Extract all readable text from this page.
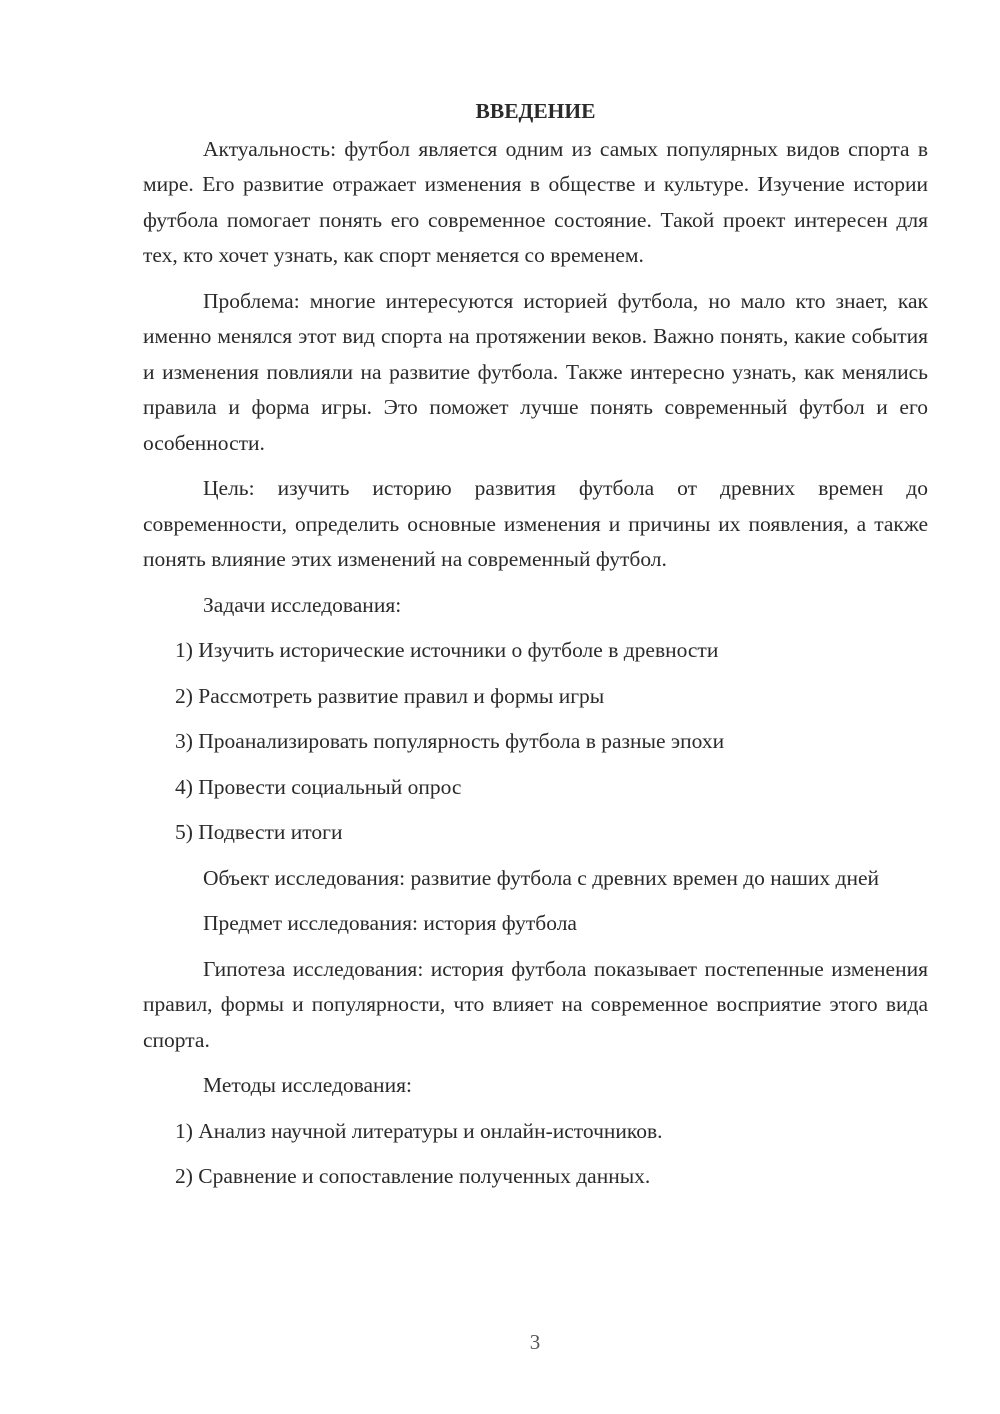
ВВЕДЕНИЕ

Актуальность: футбол является одним из самых популярных видов спорта в мире. Его развитие отражает изменения в обществе и культуре. Изучение истории футбола помогает понять его современное состояние. Такой проект интересен для тех, кто хочет узнать, как спорт меняется со временем.

Проблема: многие интересуются историей футбола, но мало кто знает, как именно менялся этот вид спорта на протяжении веков. Важно понять, какие события и изменения повлияли на развитие футбола. Также интересно узнать, как менялись правила и форма игры. Это поможет лучше понять современный футбол и его особенности.

Цель: изучить историю развития футбола от древних времен до современности, определить основные изменения и причины их появления, а также понять влияние этих изменений на современный футбол.

Задачи исследования:

1) Изучить исторические источники о футболе в древности
2) Рассмотреть развитие правил и формы игры
3) Проанализировать популярность футбола в разные эпохи
4) Провести социальный опрос
5) Подвести итоги

Объект исследования: развитие футбола с древних времен до наших дней

Предмет исследования: история футбола

Гипотеза исследования: история футбола показывает постепенные изменения правил, формы и популярности, что влияет на современное восприятие этого вида спорта.

Методы исследования:

1) Анализ научной литературы и онлайн-источников.
2) Сравнение и сопоставление полученных данных.
3
